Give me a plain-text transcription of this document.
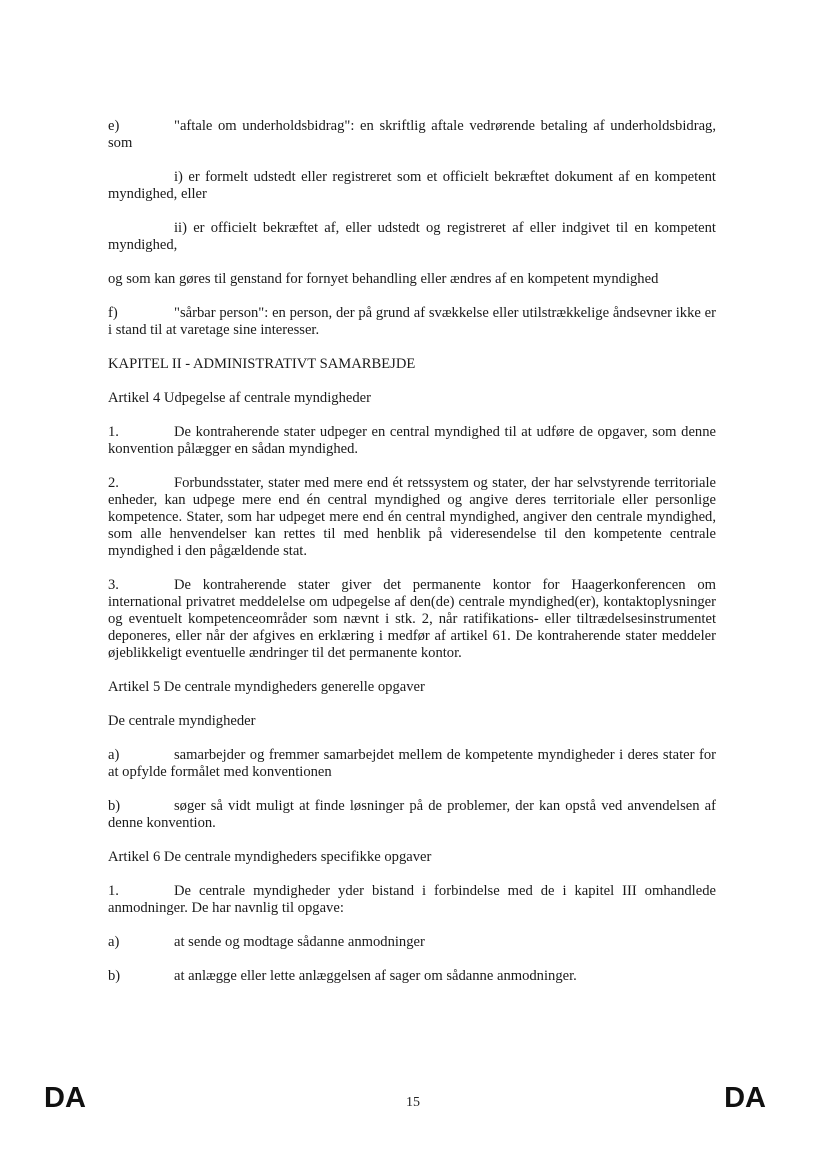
e)	"aftale om underholdsbidrag": en skriftlig aftale vedrørende betaling af underholdsbidrag, som

i) er formelt udstedt eller registreret som et officielt bekræftet dokument af en kompetent myndighed, eller

ii) er officielt bekræftet af, eller udstedt og registreret af eller indgivet til en kompetent myndighed,

og som kan gøres til genstand for fornyet behandling eller ændres af en kompetent myndighed

f)	"sårbar person": en person, der på grund af svækkelse eller utilstrækkelige åndsevner ikke er i stand til at varetage sine interesser.

KAPITEL II - ADMINISTRATIVT SAMARBEJDE

Artikel 4 Udpegelse af centrale myndigheder

1.	De kontraherende stater udpeger en central myndighed til at udføre de opgaver, som denne konvention pålægger en sådan myndighed.

2.	Forbundsstater, stater med mere end ét retssystem og stater, der har selvstyrende territoriale enheder, kan udpege mere end én central myndighed og angive deres territoriale eller personlige kompetence. Stater, som har udpeget mere end én central myndighed, angiver den centrale myndighed, som alle henvendelser kan rettes til med henblik på videresendelse til den kompetente centrale myndighed i den pågældende stat.

3.	De kontraherende stater giver det permanente kontor for Haagerkonferencen om international privatret meddelelse om udpegelse af den(de) centrale myndighed(er), kontaktoplysninger og eventuelt kompetenceområder som nævnt i stk. 2, når ratifikations- eller tiltrædelsesinstrumentet deponeres, eller når der afgives en erklæring i medfør af artikel 61. De kontraherende stater meddeler øjeblikkeligt eventuelle ændringer til det permanente kontor.

Artikel 5 De centrale myndigheders generelle opgaver

De centrale myndigheder

a)	samarbejder og fremmer samarbejdet mellem de kompetente myndigheder i deres stater for at opfylde formålet med konventionen

b)	søger så vidt muligt at finde løsninger på de problemer, der kan opstå ved anvendelsen af denne konvention.

Artikel 6 De centrale myndigheders specifikke opgaver

1.	De centrale myndigheder yder bistand i forbindelse med de i kapitel III omhandlede anmodninger. De har navnlig til opgave:

a)	at sende og modtage sådanne anmodninger

b)	at anlægge eller lette anlæggelsen af sager om sådanne anmodninger.

DA	15	DA
